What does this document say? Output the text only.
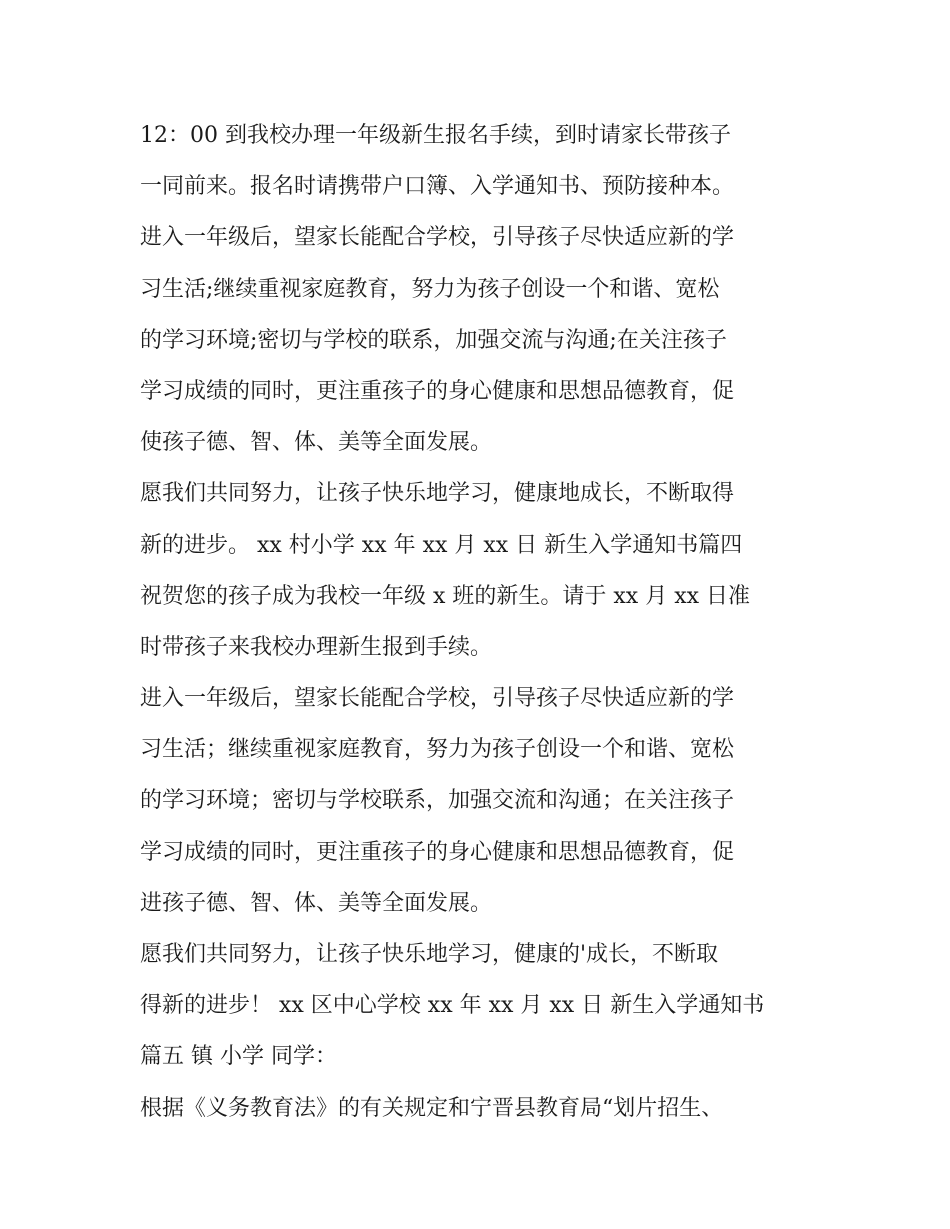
12：00 到我校办理一年级新生报名手续，到时请家长带孩子
一同前来。报名时请携带户口簿、入学通知书、预防接种本。
进入一年级后，望家长能配合学校，引导孩子尽快适应新的学
习生活;继续重视家庭教育，努力为孩子创设一个和谐、宽松
的学习环境;密切与学校的联系，加强交流与沟通;在关注孩子
学习成绩的同时，更注重孩子的身心健康和思想品德教育，促
使孩子德、智、体、美等全面发展。
愿我们共同努力，让孩子快乐地学习，健康地成长，不断取得
新的进步。 xx 村小学 xx 年 xx 月 xx 日 新生入学通知书篇四
祝贺您的孩子成为我校一年级 x 班的新生。请于 xx 月 xx 日准
时带孩子来我校办理新生报到手续。
进入一年级后，望家长能配合学校，引导孩子尽快适应新的学
习生活；继续重视家庭教育，努力为孩子创设一个和谐、宽松
的学习环境；密切与学校联系，加强交流和沟通；在关注孩子
学习成绩的同时，更注重孩子的身心健康和思想品德教育，促
进孩子德、智、体、美等全面发展。
愿我们共同努力，让孩子快乐地学习，健康的'成长，不断取
得新的进步！ xx 区中心学校 xx 年 xx 月 xx 日 新生入学通知书
篇五 镇 小学 同学：
根据《义务教育法》的有关规定和宁晋县教育局“划片招生、
